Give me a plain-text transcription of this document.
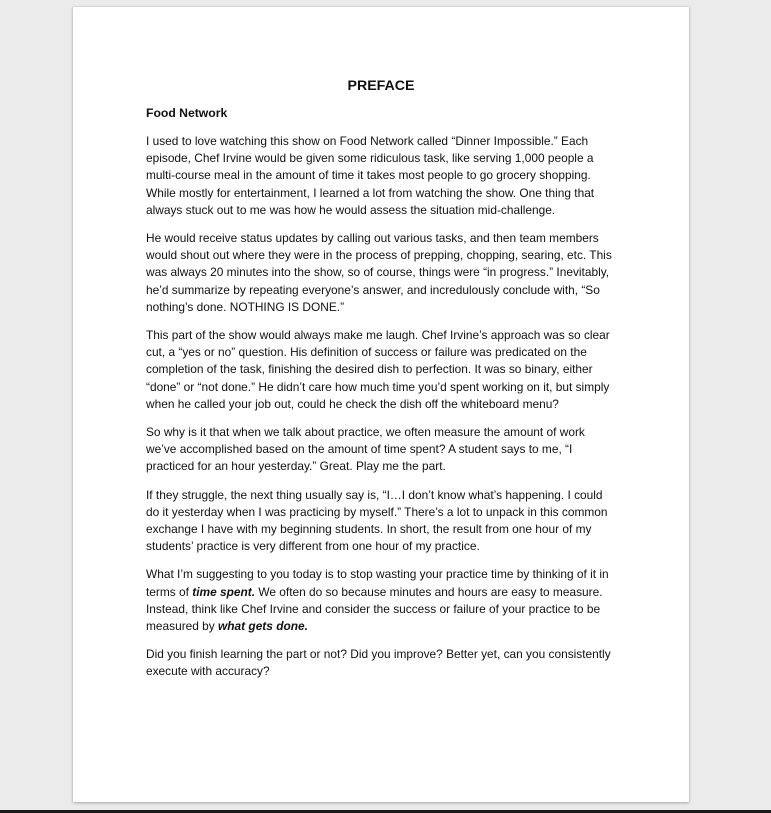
PREFACE
Food Network

I used to love watching this show on Food Network called “Dinner Impossible.” Each episode, Chef Irvine would be given some ridiculous task, like serving 1,000 people a multi-course meal in the amount of time it takes most people to go grocery shopping. While mostly for entertainment, I learned a lot from watching the show. One thing that always stuck out to me was how he would assess the situation mid-challenge.

He would receive status updates by calling out various tasks, and then team members would shout out where they were in the process of prepping, chopping, searing, etc. This was always 20 minutes into the show, so of course, things were “in progress.” Inevitably, he’d summarize by repeating everyone’s answer, and incredulously conclude with, “So nothing’s done. NOTHING IS DONE.”

This part of the show would always make me laugh. Chef Irvine’s approach was so clear cut, a “yes or no” question. His definition of success or failure was predicated on the completion of the task, finishing the desired dish to perfection. It was so binary, either “done” or “not done.” He didn’t care how much time you’d spent working on it, but simply when he called your job out, could he check the dish off the whiteboard menu?

So why is it that when we talk about practice, we often measure the amount of work we’ve accomplished based on the amount of time spent? A student says to me, “I practiced for an hour yesterday.” Great. Play me the part.

If they struggle, the next thing usually say is, “I…I don’t know what’s happening. I could do it yesterday when I was practicing by myself.” There’s a lot to unpack in this common exchange I have with my beginning students. In short, the result from one hour of my students’ practice is very different from one hour of my practice.

What I’m suggesting to you today is to stop wasting your practice time by thinking of it in terms of time spent. We often do so because minutes and hours are easy to measure. Instead, think like Chef Irvine and consider the success or failure of your practice to be measured by what gets done.

Did you finish learning the part or not? Did you improve? Better yet, can you consistently execute with accuracy?
